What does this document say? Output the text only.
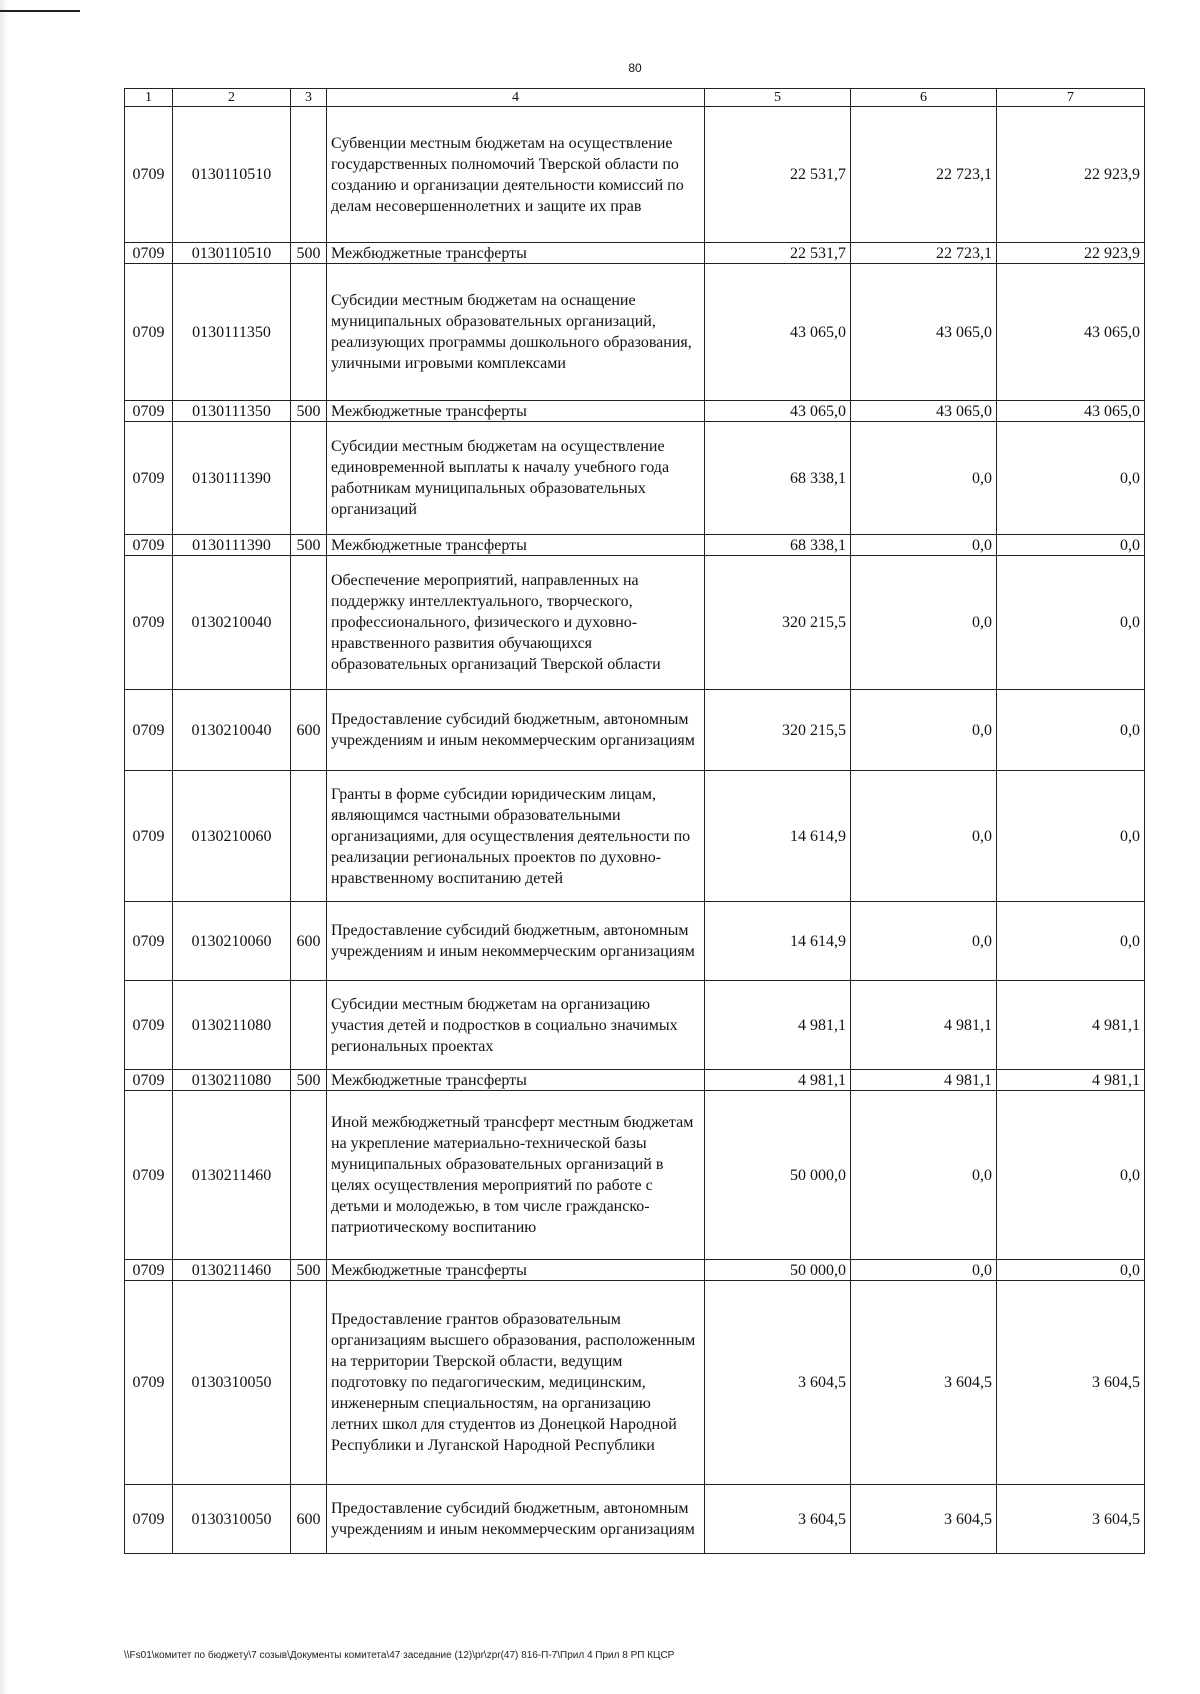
80
1	2	3	4	5	6	7
0709	0130110510		Субвенции местным бюджетам на осуществление государственных полномочий Тверской области по созданию и организации деятельности комиссий по делам несовершеннолетних и защите их прав	22 531,7	22 723,1	22 923,9
0709	0130110510	500	Межбюджетные трансферты	22 531,7	22 723,1	22 923,9
0709	0130111350		Субсидии местным бюджетам на оснащение муниципальных образовательных организаций, реализующих программы дошкольного образования, уличными игровыми комплексами	43 065,0	43 065,0	43 065,0
0709	0130111350	500	Межбюджетные трансферты	43 065,0	43 065,0	43 065,0
0709	0130111390		Субсидии местным бюджетам на осуществление единовременной выплаты к началу учебного года работникам муниципальных образовательных организаций	68 338,1	0,0	0,0
0709	0130111390	500	Межбюджетные трансферты	68 338,1	0,0	0,0
0709	0130210040		Обеспечение мероприятий, направленных на поддержку интеллектуального, творческого, профессионального, физического и духовно-нравственного развития обучающихся образовательных организаций Тверской области	320 215,5	0,0	0,0
0709	0130210040	600	Предоставление субсидий бюджетным, автономным учреждениям и иным некоммерческим организациям	320 215,5	0,0	0,0
0709	0130210060		Гранты в форме субсидии юридическим лицам, являющимся частными образовательными организациями, для осуществления деятельности по реализации региональных проектов по духовно-нравственному воспитанию детей	14 614,9	0,0	0,0
0709	0130210060	600	Предоставление субсидий бюджетным, автономным учреждениям и иным некоммерческим организациям	14 614,9	0,0	0,0
0709	0130211080		Субсидии местным бюджетам на организацию участия детей и подростков в социально значимых региональных проектах	4 981,1	4 981,1	4 981,1
0709	0130211080	500	Межбюджетные трансферты	4 981,1	4 981,1	4 981,1
0709	0130211460		Иной межбюджетный трансферт местным бюджетам на укрепление материально-технической базы муниципальных образовательных организаций в целях осуществления мероприятий по работе с детьми и молодежью, в том числе гражданско-патриотическому воспитанию	50 000,0	0,0	0,0
0709	0130211460	500	Межбюджетные трансферты	50 000,0	0,0	0,0
0709	0130310050		Предоставление грантов образовательным организациям высшего образования, расположенным на территории Тверской области, ведущим подготовку по педагогическим, медицинским, инженерным специальностям, на организацию летних школ для студентов из Донецкой Народной Республики и Луганской Народной Республики	3 604,5	3 604,5	3 604,5
0709	0130310050	600	Предоставление субсидий бюджетным, автономным учреждениям и иным некоммерческим организациям	3 604,5	3 604,5	3 604,5
\\Fs01\комитет по бюджету\7 созыв\Документы комитета\47 заседание (12)\pr\zpr(47) 816-П-7\Прил 4 Прил 8 РП КЦСР
